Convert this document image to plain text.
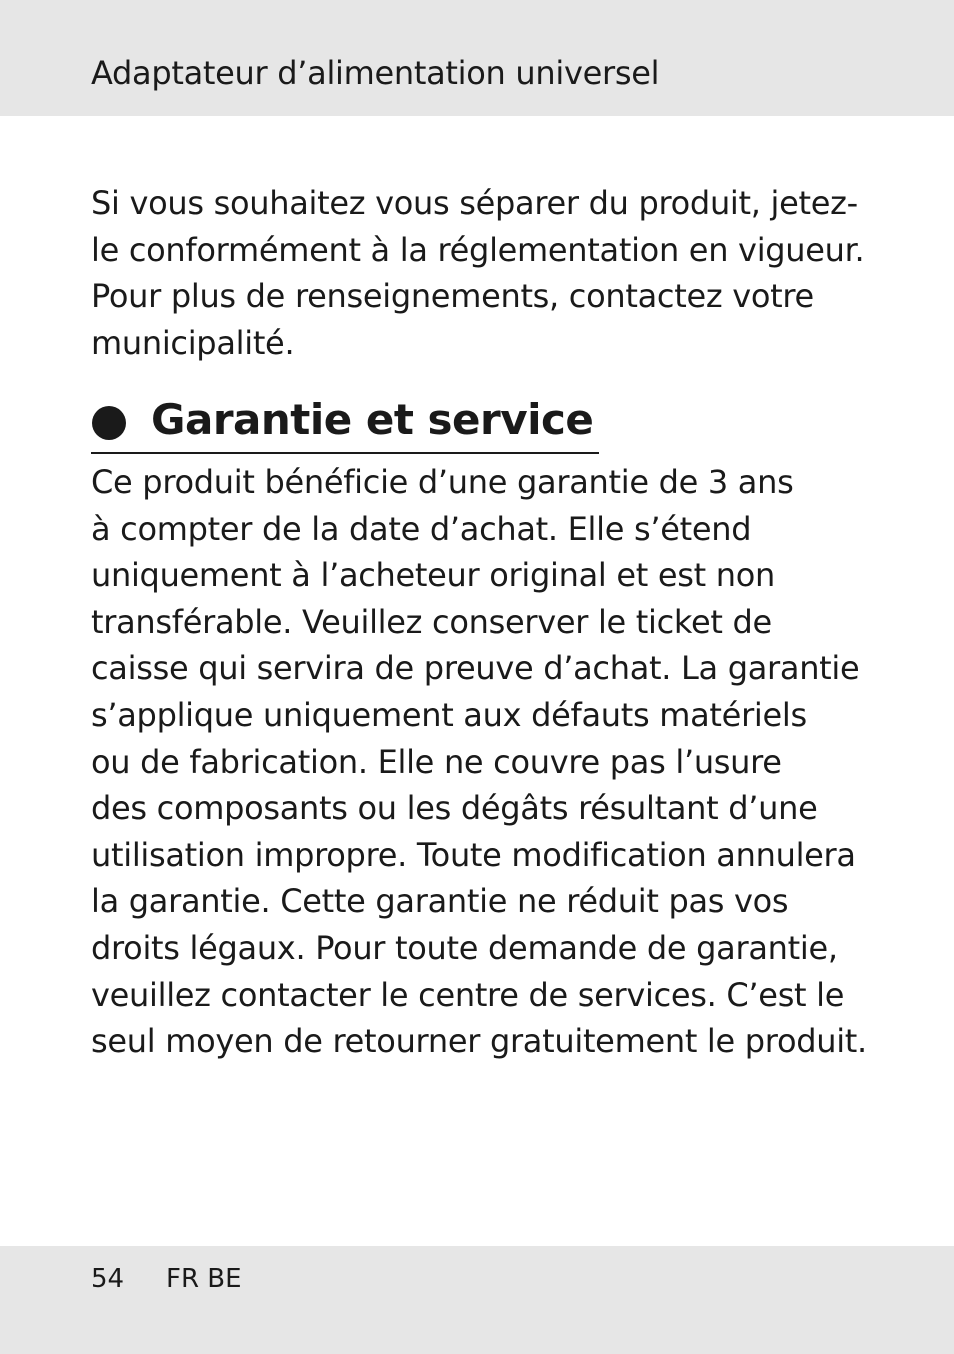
Adaptateur d’alimentation universel
Si vous souhaitez vous séparer du produit, jetez-
le conformément à la réglementation en vigueur.
Pour plus de renseignements, contactez votre
municipalité.
Garantie et service
Ce produit bénéficie d’une garantie de 3 ans
à compter de la date d’achat. Elle s’étend
uniquement à l’acheteur original et est non
transférable. Veuillez conserver le ticket de
caisse qui servira de preuve d’achat. La garantie
s’applique uniquement aux défauts matériels
ou de fabrication. Elle ne couvre pas l’usure
des composants ou les dégâts résultant d’une
utilisation impropre. Toute modification annulera
la garantie. Cette garantie ne réduit pas vos
droits légaux. Pour toute demande de garantie,
veuillez contacter le centre de services. C’est le
seul moyen de retourner gratuitement le produit.
54 FR BE
